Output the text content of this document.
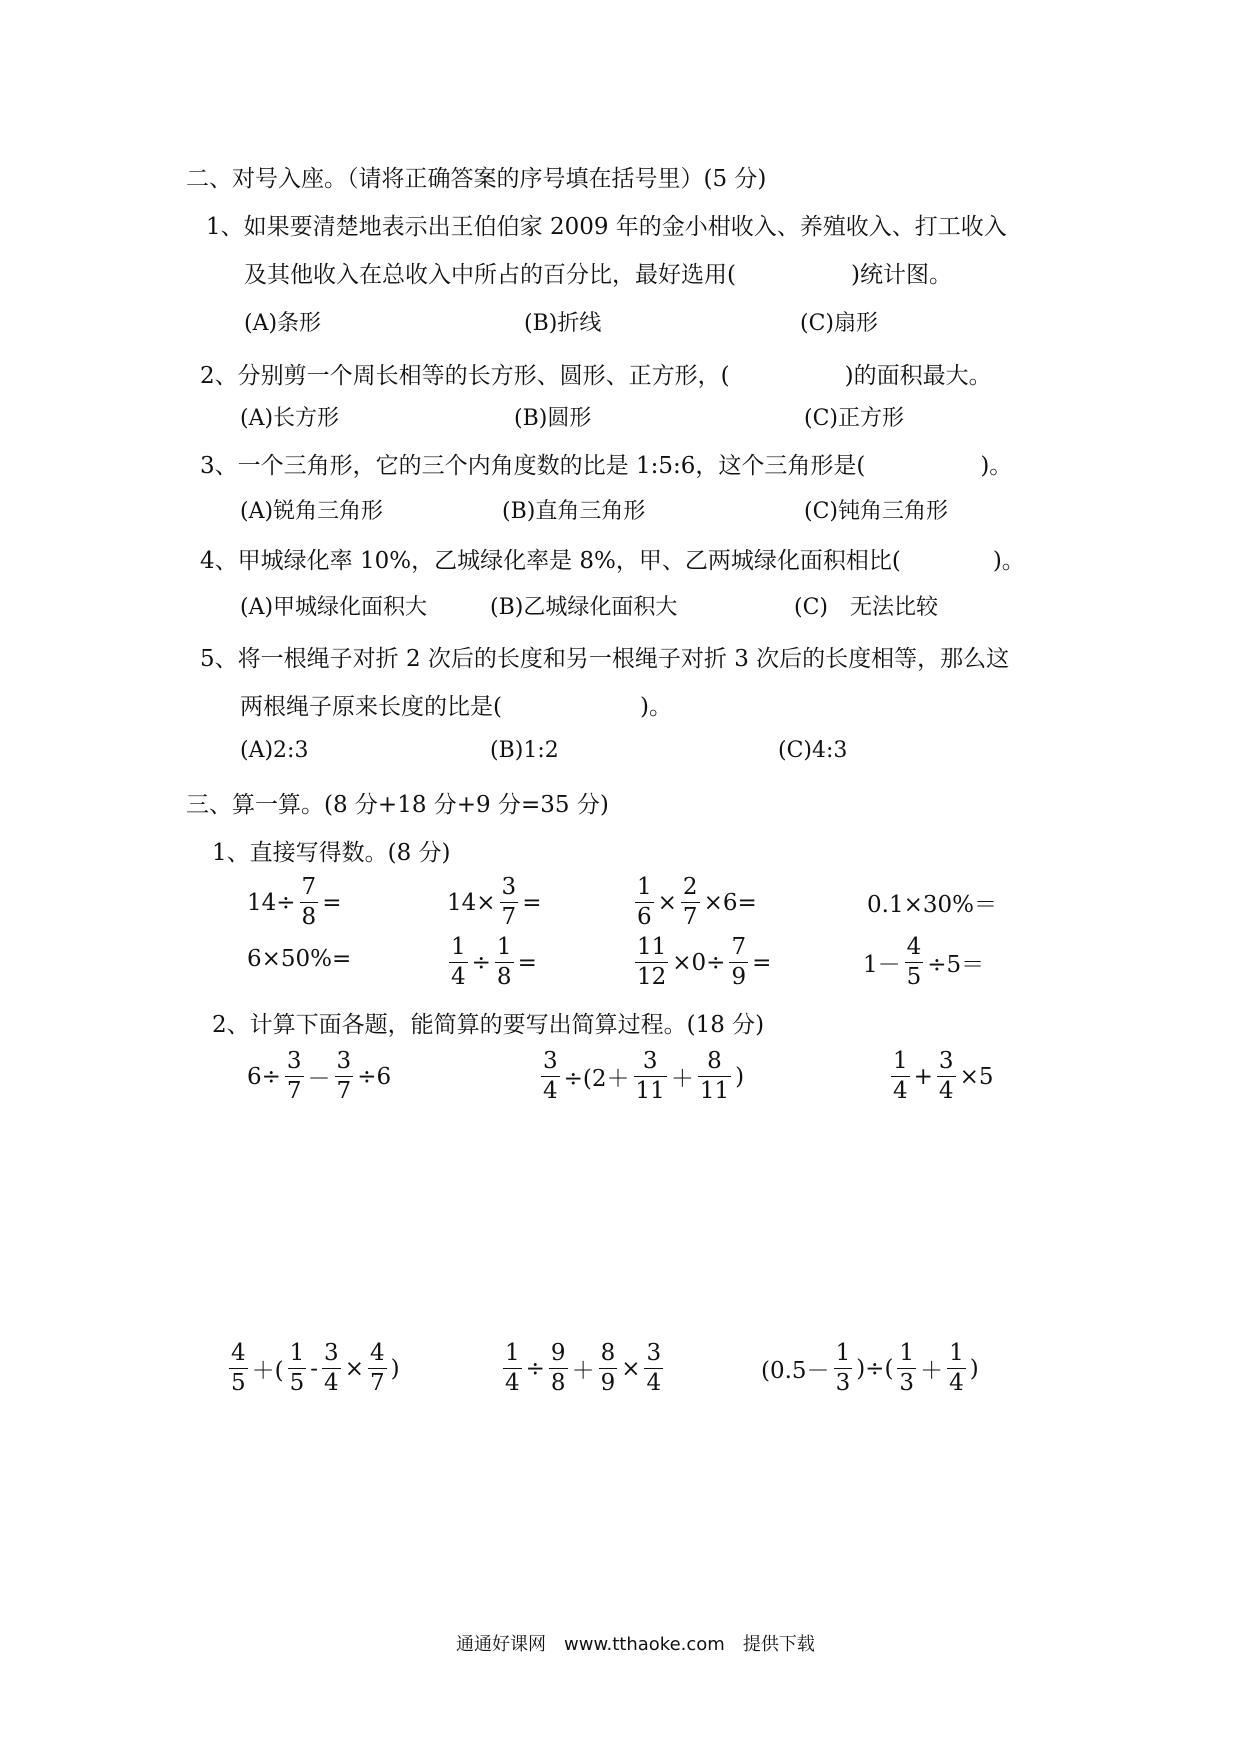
二、对号入座。（请将正确答案的序号填在括号里）(5 分)
1、如果要清楚地表示出王伯伯家 2009 年的金小柑收入、养殖收入、打工收入
及其他收入在总收入中所占的百分比，最好选用(　　　　　)统计图。
(A)条形	(B)折线	(C)扇形
2、分别剪一个周长相等的长方形、圆形、正方形，(　　　　　)的面积最大。
(A)长方形	(B)圆形	(C)正方形
3、一个三角形，它的三个内角度数的比是 1:5:6，这个三角形是(　　　　　)。
(A)锐角三角形	(B)直角三角形	(C)钝角三角形
4、甲城绿化率 10%，乙城绿化率是 8%，甲、乙两城绿化面积相比(　　　　)。
(A)甲城绿化面积大	(B)乙城绿化面积大	(C)　无法比较
5、将一根绳子对折 2 次后的长度和另一根绳子对折 3 次后的长度相等，那么这
两根绳子原来长度的比是(　　　　　　)。
(A)2:3	(B)1:2	(C)4:3
三、算一算。(8 分+18 分+9 分=35 分)
1、直接写得数。(8 分)
$14\div \frac{7}{8}$ =	$14\times \frac{3}{7}$ =	$\frac{1}{6} \times \frac{2}{7} \times 6=$	0.1×30%＝
6×50%=	$\frac{1}{4} \div \frac{1}{8}$ =	$\frac{11}{12} \times 0\div \frac{7}{9}$ =	$1- \frac{4}{5} \div 5=$
2、计算下面各题，能简算的要写出简算过程。(18 分)
$6\div \frac{3}{7} - \frac{3}{7} \div 6$	$\frac{3}{4} \div(2+ \frac{3}{11} + \frac{8}{11}$ )	$\frac{1}{4} + \frac{3}{4} \times 5$
$\frac{4}{5}$ ＋( $\frac{1}{5} - \frac{3}{4} \times \frac{4}{7}$ )	$\frac{1}{4} \div \frac{9}{8} + \frac{8}{9} \times \frac{3}{4}$	($0.5- \frac{1}{3}$ )÷( $\frac{1}{3} + \frac{1}{4}$ )
通通好课网　www.tthaoke.com　提供下载
